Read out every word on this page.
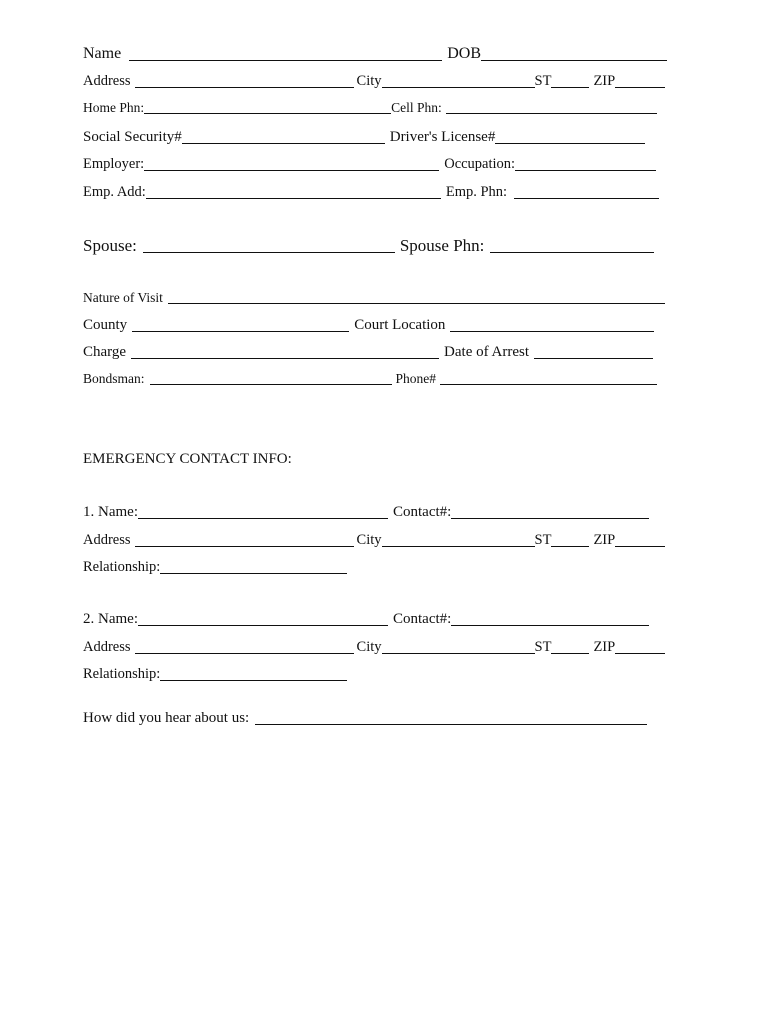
Name	DOB
Address	City	ST	ZIP
Home Phn:	Cell Phn:
Social Security#	Driver's License#
Employer:	Occupation:
Emp. Add:	Emp. Phn:
Spouse:	Spouse Phn:
Nature of Visit
County	Court Location
Charge	Date of Arrest
Bondsman:	Phone#
EMERGENCY CONTACT INFO:
1. Name:	Contact#:
Address	City	ST	ZIP
Relationship:
2. Name:	Contact#:
Address	City	ST	ZIP
Relationship:
How did you hear about us:
